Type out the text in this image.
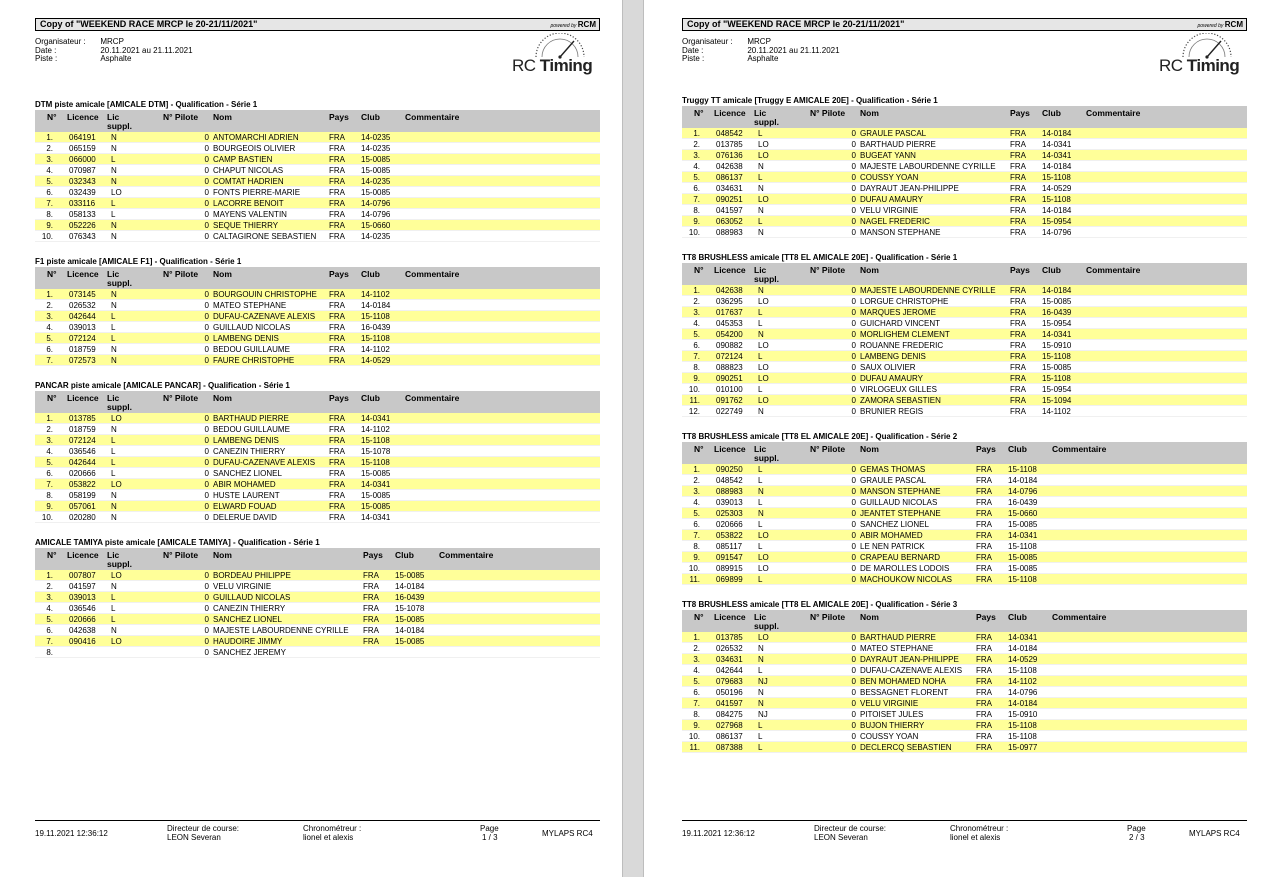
Copy of "WEEKEND RACE MRCP le 20-21/11/2021"	powered by RCM
Organisateur : MRCP
Date :	20.11.2021 au 21.11.2021
Piste :	Asphalte	RC Timing
DTM piste amicale [AMICALE DTM] - Qualification - Série 1
N° Licence Lic
suppl.
N° Pilote Nom	Pays Club	Commentaire
1. 064191 N	0 ANTOMARCHI ADRIEN	FRA 14-0235
2. 065159 N	0 BOURGEOIS OLIVIER	FRA 14-0235
3. 066000 L	0 CAMP BASTIEN	FRA 15-0085
4. 070987 N	0 CHAPUT NICOLAS	FRA 15-0085
5. 032343 N	0 COMTAT HADRIEN	FRA 14-0235
6. 032439 LO	0 FONTS PIERRE-MARIE	FRA 15-0085
7. 033116 L	0 LACORRE BENOIT	FRA 14-0796
8. 058133 L	0 MAYENS VALENTIN	FRA 14-0796
9. 052226 N	0 SEQUE THIERRY	FRA 15-0660
10. 076343 N	0 CALTAGIRONE SEBASTIEN FRA 14-0235
F1 piste amicale [AMICALE F1] - Qualification - Série 1
N° Licence Lic
suppl.
N° Pilote Nom	Pays Club	Commentaire
1. 073145 N	0 BOURGOUIN CHRISTOPHE FRA 14-1102
2. 026532 N	0 MATEO STEPHANE	FRA 14-0184
3. 042644 L	0 DUFAU-CAZENAVE ALEXIS FRA 15-1108
4. 039013 L	0 GUILLAUD NICOLAS	FRA 16-0439
5. 072124 L	0 LAMBENG DENIS	FRA 15-1108
6. 018759 N	0 BEDOU GUILLAUME	FRA 14-1102
7. 072573 N	0 FAURE CHRISTOPHE	FRA 14-0529
PANCAR piste amicale [AMICALE PANCAR] - Qualification - Série 1
N° Licence Lic
suppl.
N° Pilote Nom	Pays Club	Commentaire
1. 013785 LO	0 BARTHAUD PIERRE	FRA 14-0341
2. 018759 N	0 BEDOU GUILLAUME	FRA 14-1102
3. 072124 L	0 LAMBENG DENIS	FRA 15-1108
4. 036546 L	0 CANEZIN THIERRY	FRA 15-1078
5. 042644 L	0 DUFAU-CAZENAVE ALEXIS FRA 15-1108
6. 020666 L	0 SANCHEZ LIONEL	FRA 15-0085
7. 053822 LO	0 ABIR MOHAMED	FRA 14-0341
8. 058199 N	0 HUSTE LAURENT	FRA 15-0085
9. 057061 N	0 ELWARD FOUAD	FRA 15-0085
10. 020280 N	0 DELERUE DAVID	FRA 14-0341
AMICALE TAMIYA piste amicale [AMICALE TAMIYA] - Qualification - Série 1
N° Licence Lic
suppl.
N° Pilote Nom	Pays Club	Commentaire
1. 007807 LO	0 BORDEAU PHILIPPE	FRA 15-0085
2. 041597 N	0 VELU VIRGINIE	FRA 14-0184
3. 039013 L	0 GUILLAUD NICOLAS	FRA 16-0439
4. 036546 L	0 CANEZIN THIERRY	FRA 15-1078
5. 020666 L	0 SANCHEZ LIONEL	FRA 15-0085
6. 042638 N	0 MAJESTE LABOURDENNE CYRILLE FRA 14-0184
7. 090416 LO	0 HAUDOIRE JIMMY	FRA 15-0085
8.	0 SANCHEZ JEREMY
19.11.2021 12:36:12
Directeur de course:
LEON Severan
Chronométreur :
lionel et alexis
Page
1 / 3	MYLAPS RC4
Copy of "WEEKEND RACE MRCP le 20-21/11/2021"	powered by RCM
Organisateur : MRCP
Date :	20.11.2021 au 21.11.2021
Piste :	Asphalte	RC Timing
Truggy TT amicale [Truggy E AMICALE 20E] - Qualification - Série 1
N° Licence Lic
suppl.
N° Pilote Nom	Pays Club	Commentaire
1. 048542 L	0 GRAULE PASCAL	FRA 14-0184
2. 013785 LO	0 BARTHAUD PIERRE	FRA 14-0341
3. 076136 LO	0 BUGEAT YANN	FRA 14-0341
4. 042638 N	0 MAJESTE LABOURDENNE CYRILLE FRA 14-0184
5. 086137 L	0 COUSSY YOAN	FRA 15-1108
6. 034631 N	0 DAYRAUT JEAN-PHILIPPE	FRA 14-0529
7. 090251 LO	0 DUFAU AMAURY	FRA 15-1108
8. 041597 N	0 VELU VIRGINIE	FRA 14-0184
9. 063052 L	0 NAGEL FREDERIC	FRA 15-0954
10. 088983 N	0 MANSON STEPHANE	FRA 14-0796
TT8 BRUSHLESS amicale [TT8 EL AMICALE 20E] - Qualification - Série 1
N° Licence Lic
suppl.
N° Pilote Nom	Pays Club	Commentaire
1. 042638 N	0 MAJESTE LABOURDENNE CYRILLE FRA 14-0184
2. 036295 LO	0 LORGUE CHRISTOPHE	FRA 15-0085
3. 017637 L	0 MARQUES JEROME	FRA 16-0439
4. 045353 L	0 GUICHARD VINCENT	FRA 15-0954
5. 054200 N	0 MORLIGHEM CLEMENT	FRA 14-0341
6. 090882 LO	0 ROUANNE FREDERIC	FRA 15-0910
7. 072124 L	0 LAMBENG DENIS	FRA 15-1108
8. 088823 LO	0 SAUX OLIVIER	FRA 15-0085
9. 090251 LO	0 DUFAU AMAURY	FRA 15-1108
10. 010100 L	0 VIRLOGEUX GILLES	FRA 15-0954
11. 091762 LO	0 ZAMORA SEBASTIEN	FRA 15-1094
12. 022749 N	0 BRUNIER REGIS	FRA 14-1102
TT8 BRUSHLESS amicale [TT8 EL AMICALE 20E] - Qualification - Série 2
N° Licence Lic
suppl.
N° Pilote Nom	Pays Club	Commentaire
1. 090250 L	0 GEMAS THOMAS	FRA 15-1108
2. 048542 L	0 GRAULE PASCAL	FRA 14-0184
3. 088983 N	0 MANSON STEPHANE	FRA 14-0796
4. 039013 L	0 GUILLAUD NICOLAS	FRA 16-0439
5. 025303 N	0 JEANTET STEPHANE	FRA 15-0660
6. 020666 L	0 SANCHEZ LIONEL	FRA 15-0085
7. 053822 LO	0 ABIR MOHAMED	FRA 14-0341
8. 085117 L	0 LE NEN PATRICK	FRA 15-1108
9. 091547 LO	0 CRAPEAU BERNARD	FRA 15-0085
10. 089915 LO	0 DE MAROLLES LODOIS	FRA 15-0085
11. 069899 L	0 MACHOUKOW NICOLAS	FRA 15-1108
TT8 BRUSHLESS amicale [TT8 EL AMICALE 20E] - Qualification - Série 3
N° Licence Lic
suppl.
N° Pilote Nom	Pays Club	Commentaire
1. 013785 LO	0 BARTHAUD PIERRE	FRA 14-0341
2. 026532 N	0 MATEO STEPHANE	FRA 14-0184
3. 034631 N	0 DAYRAUT JEAN-PHILIPPE FRA 14-0529
4. 042644 L	0 DUFAU-CAZENAVE ALEXIS FRA 15-1108
5. 079683 NJ	0 BEN MOHAMED NOHA	FRA 14-1102
6. 050196 N	0 BESSAGNET FLORENT	FRA 14-0796
7. 041597 N	0 VELU VIRGINIE	FRA 14-0184
8. 084275 NJ	0 PITOISET JULES	FRA 15-0910
9. 027968 L	0 BUJON THIERRY	FRA 15-1108
10. 086137 L	0 COUSSY YOAN	FRA 15-1108
11. 087388 L	0 DECLERCQ SEBASTIEN	FRA 15-0977
19.11.2021 12:36:12
Directeur de course:
LEON Severan
Chronométreur :
lionel et alexis
Page
2 / 3	MYLAPS RC4
